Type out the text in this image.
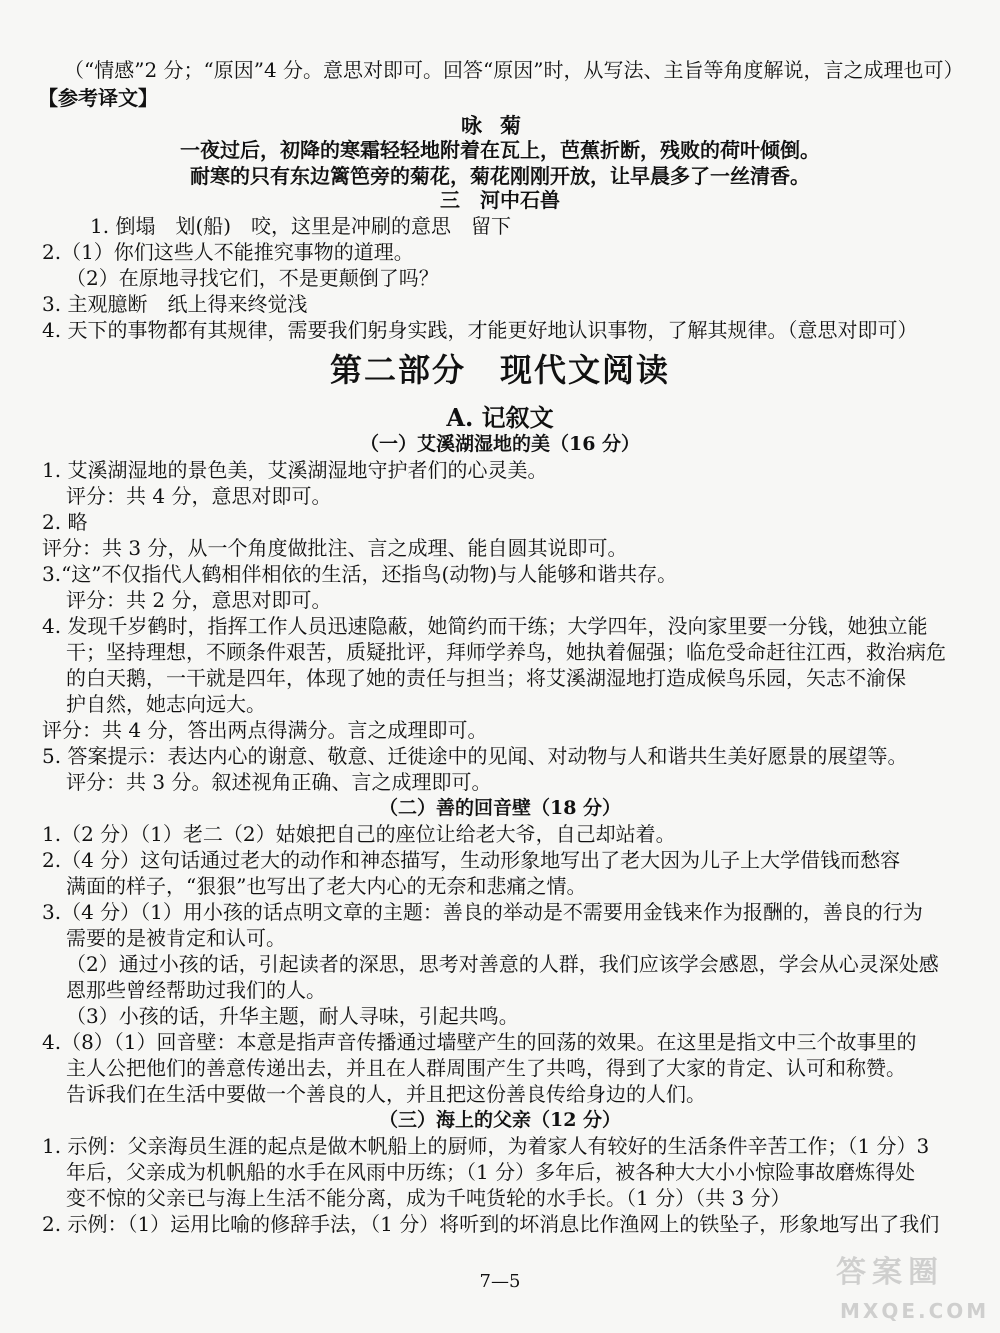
（“情感”2 分；“原因”4 分。意思对即可。回答“原因”时，从写法、主旨等角度解说，言之成理也可）
【参考译文】
咏菊
一夜过后，初降的寒霜轻轻地附着在瓦上，芭蕉折断，残败的荷叶倾倒。
耐寒的只有东边篱笆旁的菊花，菊花刚刚开放，让早晨多了一丝清香。
三　河中石兽
1. 倒塌　划(船)　咬，这里是冲刷的意思　留下
2.（1）你们这些人不能推究事物的道理。
（2）在原地寻找它们，不是更颠倒了吗？
3. 主观臆断　纸上得来终觉浅
4. 天下的事物都有其规律，需要我们躬身实践，才能更好地认识事物，了解其规律。（意思对即可）
第二部分　现代文阅读
A. 记叙文
（一）艾溪湖湿地的美（16 分）
1. 艾溪湖湿地的景色美，艾溪湖湿地守护者们的心灵美。
评分：共 4 分，意思对即可。
2. 略
评分：共 3 分，从一个角度做批注、言之成理、能自圆其说即可。
3.“这”不仅指代人鹤相伴相依的生活，还指鸟(动物)与人能够和谐共存。
评分：共 2 分，意思对即可。
4. 发现千岁鹤时，指挥工作人员迅速隐蔽，她简约而干练；大学四年，没向家里要一分钱，她独立能
干；坚持理想，不顾条件艰苦，质疑批评，拜师学养鸟，她执着倔强；临危受命赶往江西，救治病危
的白天鹅，一干就是四年，体现了她的责任与担当；将艾溪湖湿地打造成候鸟乐园，矢志不渝保
护自然，她志向远大。
评分：共 4 分，答出两点得满分。言之成理即可。
5. 答案提示：表达内心的谢意、敬意、迁徙途中的见闻、对动物与人和谐共生美好愿景的展望等。
评分：共 3 分。叙述视角正确、言之成理即可。
（二）善的回音壁（18 分）
1.（2 分）（1）老二（2）姑娘把自己的座位让给老大爷，自己却站着。
2.（4 分）这句话通过老大的动作和神态描写，生动形象地写出了老大因为儿子上大学借钱而愁容
满面的样子，“狠狠”也写出了老大内心的无奈和悲痛之情。
3.（4 分）（1）用小孩的话点明文章的主题：善良的举动是不需要用金钱来作为报酬的，善良的行为
需要的是被肯定和认可。
（2）通过小孩的话，引起读者的深思，思考对善意的人群，我们应该学会感恩，学会从心灵深处感
恩那些曾经帮助过我们的人。
（3）小孩的话，升华主题，耐人寻味，引起共鸣。
4.（8）（1）回音壁：本意是指声音传播通过墙壁产生的回荡的效果。在这里是指文中三个故事里的
主人公把他们的善意传递出去，并且在人群周围产生了共鸣，得到了大家的肯定、认可和称赞。
告诉我们在生活中要做一个善良的人，并且把这份善良传给身边的人们。
（三）海上的父亲（12 分）
1. 示例：父亲海员生涯的起点是做木帆船上的厨师，为着家人有较好的生活条件辛苦工作；（1 分）3
年后，父亲成为机帆船的水手在风雨中历练；（1 分）多年后，被各种大大小小惊险事故磨炼得处
变不惊的父亲已与海上生活不能分离，成为千吨货轮的水手长。（1 分）（共 3 分）
2. 示例：（1）运用比喻的修辞手法，（1 分）将听到的坏消息比作渔网上的铁坠子，形象地写出了我们
7—5	答案圈
MXQE.COM
